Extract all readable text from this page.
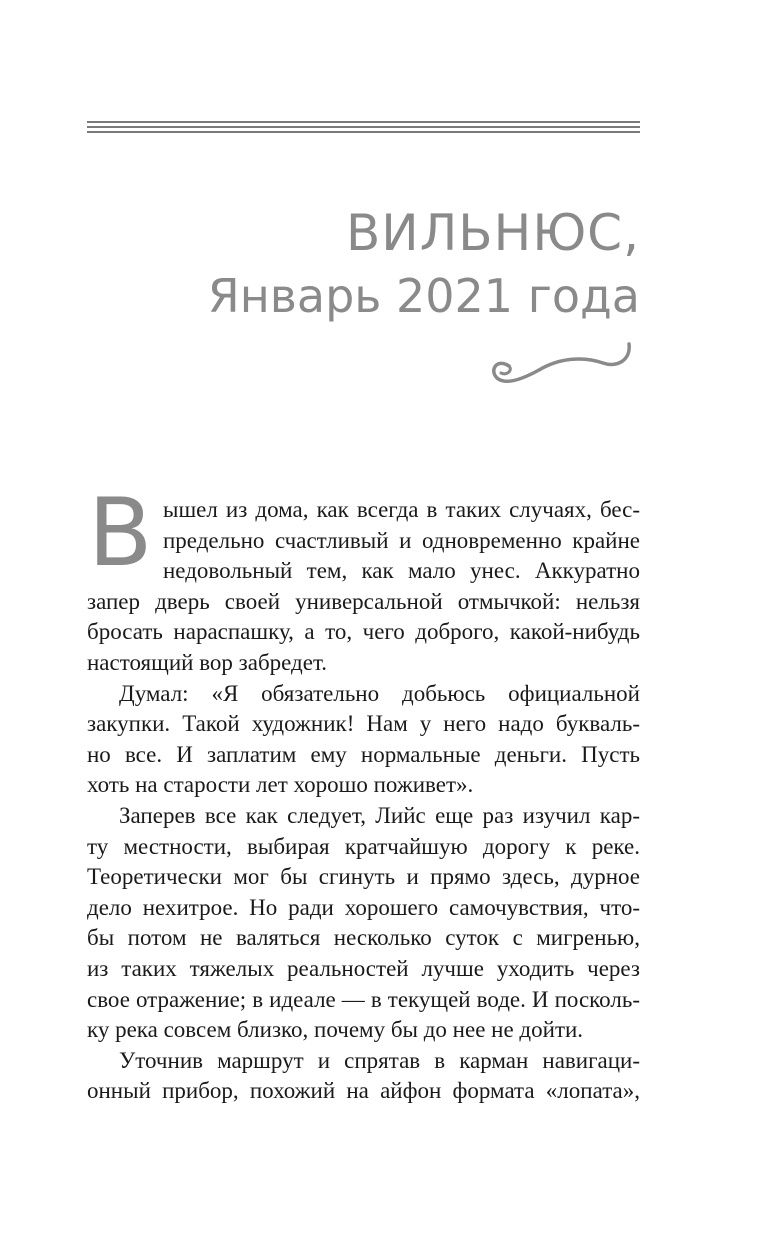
ВИЛЬНЮС,
Январь 2021 года
В ышел из дома, как всегда в таких случаях, бес-
предельно счастливый и одновременно крайне
недовольный тем, как мало унес. Аккуратно
запер дверь своей универсальной отмычкой: нельзя
бросать нараспашку, а то, чего доброго, какой-нибудь
настоящий вор забредет.
Думал: «Я обязательно добьюсь официальной
закупки. Такой художник! Нам у него надо букваль-
но все. И заплатим ему нормальные деньги. Пусть
хоть на старости лет хорошо поживет».
Заперев все как следует, Лийс еще раз изучил кар-
ту местности, выбирая кратчайшую дорогу к реке.
Теоретически мог бы сгинуть и прямо здесь, дурное
дело нехитрое. Но ради хорошего самочувствия, что-
бы потом не валяться несколько суток с мигренью,
из таких тяжелых реальностей лучше уходить через
свое отражение; в идеале — в текущей воде. И посколь-
ку река совсем близко, почему бы до нее не дойти.
Уточнив маршрут и спрятав в карман навигаци-
онный прибор, похожий на айфон формата «лопата»,
